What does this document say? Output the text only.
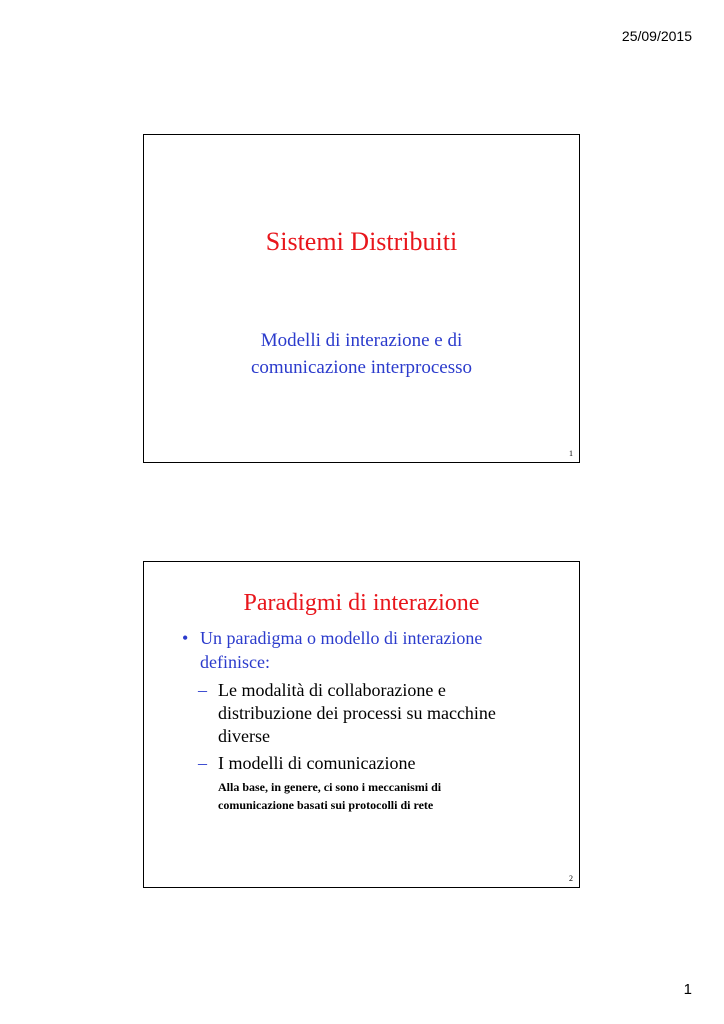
25/09/2015
Sistemi Distribuiti
Modelli di interazione e di
comunicazione interprocesso
1
Paradigmi di interazione
• Un paradigma o modello di interazione
definisce:
– Le modalità di collaborazione e
distribuzione dei processi su macchine
diverse
– I modelli di comunicazione
Alla base, in genere, ci sono i meccanismi di
comunicazione basati sui protocolli di rete
2
1
